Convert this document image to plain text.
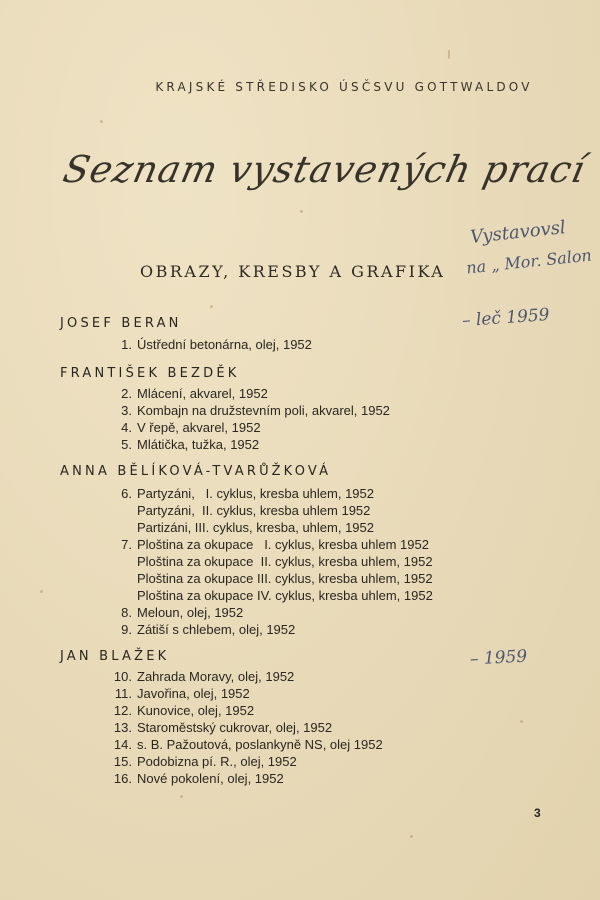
KRAJSKÉ STŘEDISKO ÚSČSVU GOTTWALDOV
Seznam vystavených prací
OBRAZY, KRESBY A GRAFIKA
Vystavovsl
na „ Mor. Salon
– leč 1959
– 1959
JOSEF BERAN
1. Ústřední betonárna, olej, 1952
FRANTIŠEK BEZDĚK
2. Mlácení, akvarel, 1952
3. Kombajn na družstevním poli, akvarel, 1952
4. V řepě, akvarel, 1952
5. Mlátička, tužka, 1952
ANNA BĚLÍKOVÁ-TVARŮŽKOVÁ
6. Partyzáni,   I. cyklus, kresba uhlem, 1952
Partyzáni,  II. cyklus, kresba uhlem 1952
Partizáni, III. cyklus, kresba, uhlem, 1952
7. Ploština za okupace   I. cyklus, kresba uhlem 1952
Ploština za okupace  II. cyklus, kresba uhlem, 1952
Ploština za okupace III. cyklus, kresba uhlem, 1952
Ploština za okupace IV. cyklus, kresba uhlem, 1952
8. Meloun, olej, 1952
9. Zátiší s chlebem, olej, 1952
JAN BLAŽEK
10. Zahrada Moravy, olej, 1952
11. Javořina, olej, 1952
12. Kunovice, olej, 1952
13. Staroměstský cukrovar, olej, 1952
14. s. B. Pažoutová, poslankyně NS, olej 1952
15. Podobizna pí. R., olej, 1952
16. Nové pokolení, olej, 1952
3
